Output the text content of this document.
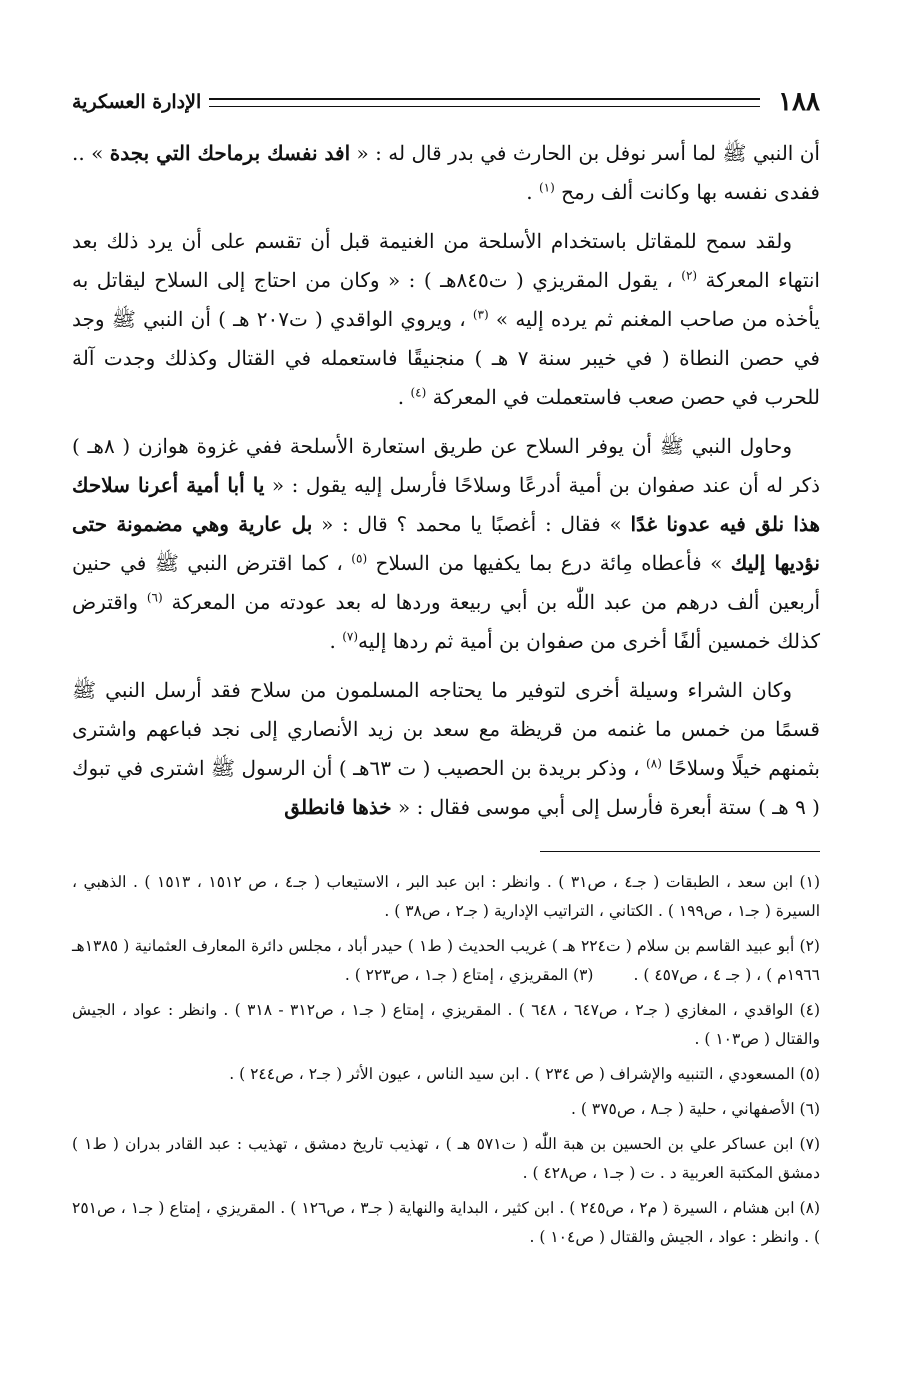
١٨٨
الإدارة العسكرية

أن النبي ﷺ لما أسر نوفل بن الحارث في بدر قال له : « افد نفسك برماحك التي بجدة » .. ففدى نفسه بها وكانت ألف رمح $^{(١)}$ .

ولقد سمح للمقاتل باستخدام الأسلحة من الغنيمة قبل أن تقسم على أن يرد ذلك بعد انتهاء المعركة $^{(٢)}$ ، يقول المقريزي ( ت٨٤٥هـ ) : « وكان من احتاج إلى السلاح ليقاتل به يأخذه من صاحب المغنم ثم يرده إليه » $^{(٣)}$ ، ويروي الواقدي ( ت٢٠٧ هـ ) أن النبي ﷺ وجد في حصن النطاة ( في خيبر سنة ٧ هـ ) منجنيقًا فاستعمله في القتال وكذلك وجدت آلة للحرب في حصن صعب فاستعملت في المعركة $^{(٤)}$ .

وحاول النبي ﷺ أن يوفر السلاح عن طريق استعارة الأسلحة ففي غزوة هوازن ( ٨هـ ) ذكر له أن عند صفوان بن أمية أدرعًا وسلاحًا فأرسل إليه يقول : « يا أبا أمية أعرنا سلاحك هذا نلق فيه عدونا غدًا » فقال : أغصبًا يا محمد ؟ قال : « بل عارية وهي مضمونة حتى نؤديها إليك » فأعطاه مِائة درع بما يكفيها من السلاح $^{(٥)}$ ، كما اقترض النبي ﷺ في حنين أربعين ألف درهم من عبد اللّٰه بن أبي ربيعة وردها له بعد عودته من المعركة $^{(٦)}$ واقترض كذلك خمسين ألفًا أخرى من صفوان بن أمية ثم ردها إليه$^{(٧)}$ .

وكان الشراء وسيلة أخرى لتوفير ما يحتاجه المسلمون من سلاح فقد أرسل النبي ﷺ قسمًا من خمس ما غنمه من قريظة مع سعد بن زيد الأنصاري إلى نجد فباعهم واشترى بثمنهم خيلًا وسلاحًا $^{(٨)}$ ، وذكر بريدة بن الحصيب ( ت ٦٣هـ ) أن الرسول ﷺ اشترى في تبوك ( ٩ هـ ) ستة أبعرة فأرسل إلى أبي موسى فقال : « خذها فانطلق

(١) ابن سعد ، الطبقات ( جـ٤ ، ص٣١ ) . وانظر : ابن عبد البر ، الاستيعاب ( جـ٤ ، ص ١٥١٢ ، ١٥١٣ ) . الذهبي ، السيرة ( جـ١ ، ص١٩٩ ) . الكتاني ، التراتيب الإدارية ( جـ٢ ، ص٣٨ ) .

(٢) أبو عبيد القاسم بن سلام ( ت٢٢٤ هـ ) غريب الحديث ( ط١ ) حيدر أباد ، مجلس دائرة المعارف العثمانية ( ١٣٨٥هـ ١٩٦٦م ) ، ( جـ ٤ ، ص٤٥٧ ) .(٣) المقريزي ، إمتاع ( جـ١ ، ص٢٢٣ ) .

(٤) الواقدي ، المغازي ( جـ٢ ، ص٦٤٧ ، ٦٤٨ ) . المقريزي ، إمتاع ( جـ١ ، ص٣١٢ - ٣١٨ ) . وانظر : عواد ، الجيش والقتال ( ص١٠٣ ) .

(٥) المسعودي ، التنبيه والإشراف ( ص ٢٣٤ ) . ابن سيد الناس ، عيون الأثر ( جـ٢ ، ص٢٤٤ ) .

(٦) الأصفهاني ، حلية ( جـ٨ ، ص٣٧٥ ) .

(٧) ابن عساكر علي بن الحسين بن هبة اللّٰه ( ت٥٧١ هـ ) ، تهذيب تاريخ دمشق ، تهذيب : عبد القادر بدران ( ط١ ) دمشق المكتبة العربية د . ت ( جـ١ ، ص٤٢٨ ) .

(٨) ابن هشام ، السيرة ( م٢ ، ص٢٤٥ ) . ابن كثير ، البداية والنهاية ( جـ٣ ، ص١٢٦ ) . المقريزي ، إمتاع ( جـ١ ، ص٢٥١ ) . وانظر : عواد ، الجيش والقتال ( ص١٠٤ ) .
